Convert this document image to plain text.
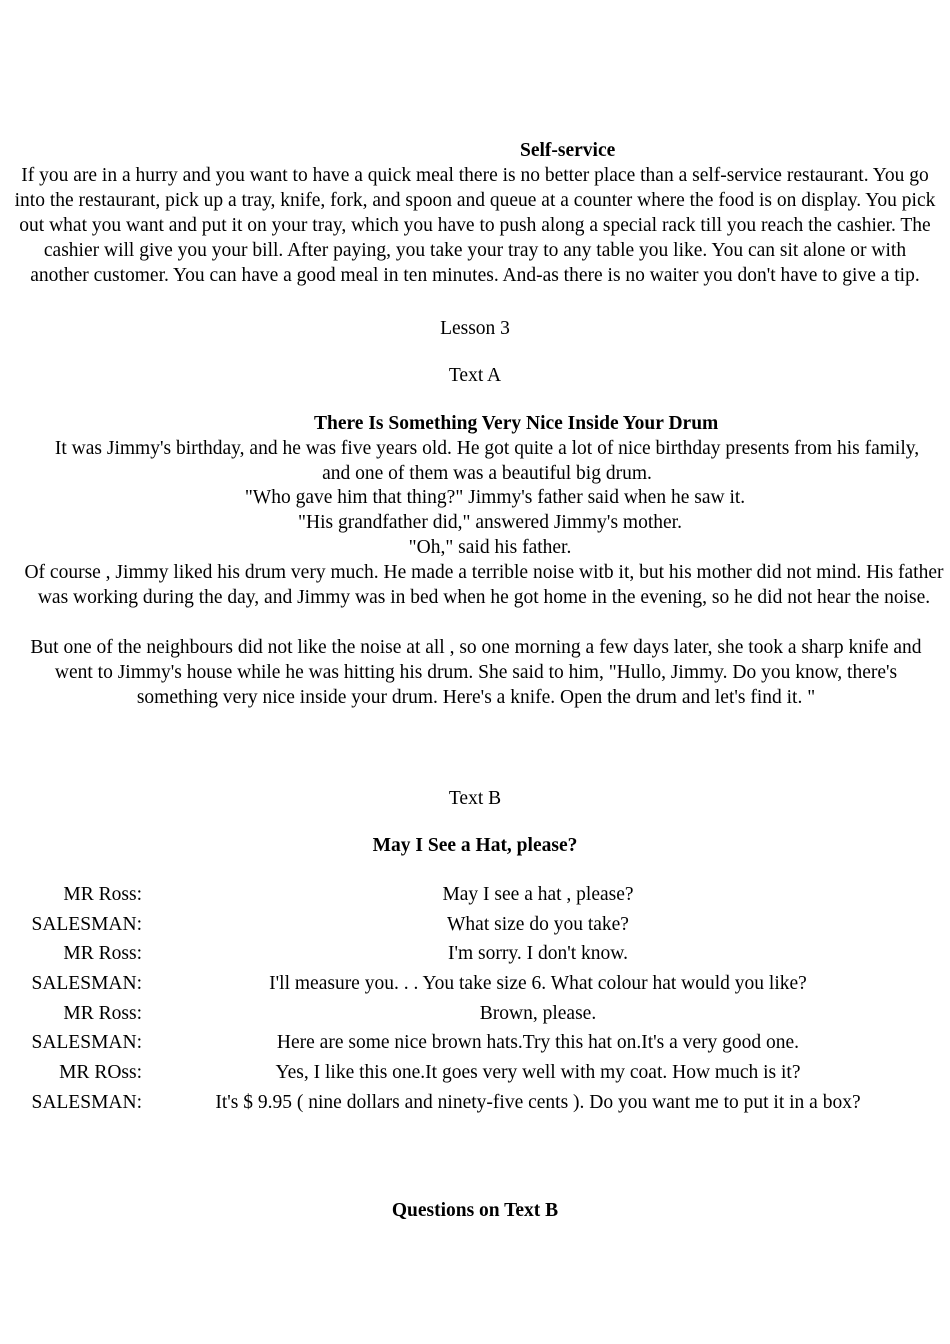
Self-service
If you are in a hurry and you want to have a quick meal there is no better place than a self-service restaurant. You go into the restaurant, pick up a tray, knife, fork, and spoon and queue at a counter where the food is on display. You pick out what you want and put it on your tray, which you have to push along a special rack till you reach the cashier. The cashier will give you your bill. After paying, you take your tray to any table you like. You can sit alone or with another customer. You can have a good meal in ten minutes. And-as there is no waiter you don't have to give a tip.
Lesson 3
Text A
There Is Something Very Nice Inside Your Drum
It was Jimmy's birthday, and he was five years old. He got quite a lot of nice birthday presents from his family, and one of them was a beautiful big drum.
"Who gave him that thing?" Jimmy's father said when he saw it.
"His grandfather did," answered Jimmy's mother.
"Oh," said his father.
Of course , Jimmy liked his drum very much. He made a terrible noise witb it, but his mother did not mind. His father was working during the day, and Jimmy was in bed when he got home in the evening, so he did not hear the noise.
But one of the neighbours did not like the noise at all , so one morning a few days later, she took a sharp knife and went to Jimmy's house while he was hitting his drum. She said to him, "Hullo, Jimmy. Do you know, there's something very nice inside your drum. Here's a knife. Open the drum and let's find it. "
Text B
May I See a Hat, please?
MR Ross:	May I see a hat , please?
SALESMAN:	What size do you take?
MR Ross:	I'm sorry. I don't know.
SALESMAN:	I'll measure you. . . You take size 6. What colour hat would you like?
MR Ross:	Brown, please.
SALESMAN:	Here are some nice brown hats.Try this hat on.It's a very good one.
MR ROss:	Yes, I like this one.It goes very well with my coat. How much is it?
SALESMAN:	It's $ 9.95 ( nine dollars and ninety-five cents ). Do you want me to put it in a box?
Questions on Text B
